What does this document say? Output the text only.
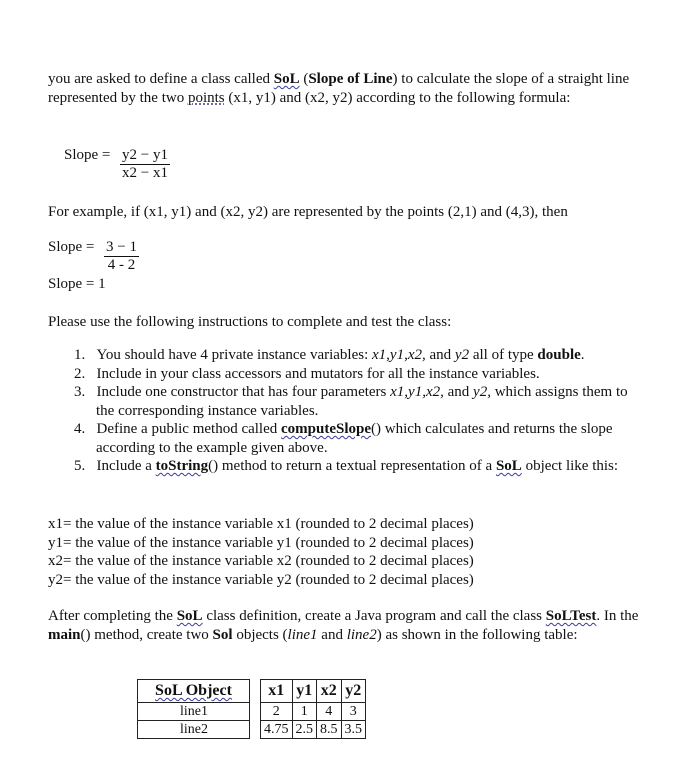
you are asked to define a class called SoL (Slope of Line) to calculate the slope of a straight line represented by the two points (x1, y1) and (x2, y2) according to the following formula:

Slope = $\frac{y2 - y1}{x2 - x1}$

For example, if (x1, y1) and (x2, y2) are represented by the points (2,1) and (4,3), then

Slope = $\frac{3 - 1}{4 - 2}$
Slope = 1

Please use the following instructions to complete and test the class:

1. You should have 4 private instance variables: x1,y1,x2, and y2 all of type double.
2. Include in your class accessors and mutators for all the instance variables.
3. Include one constructor that has four parameters x1,y1,x2, and y2, which assigns them to the corresponding instance variables.
4. Define a public method called computeSlope() which calculates and returns the slope according to the example given above.
5. Include a toString() method to return a textual representation of a SoL object like this:
x1= the value of the instance variable x1 (rounded to 2 decimal places)
y1= the value of the instance variable y1 (rounded to 2 decimal places)
x2= the value of the instance variable x2 (rounded to 2 decimal places)
y2= the value of the instance variable y2 (rounded to 2 decimal places)

After completing the SoL class definition, create a Java program and call the class SoLTest. In the main() method, create two Sol objects (line1 and line2) as shown in the following table:

SoL Object		x1	y1	x2	y2
line1		2	1	4	3
line2		4.75	2.5	8.5	3.5
